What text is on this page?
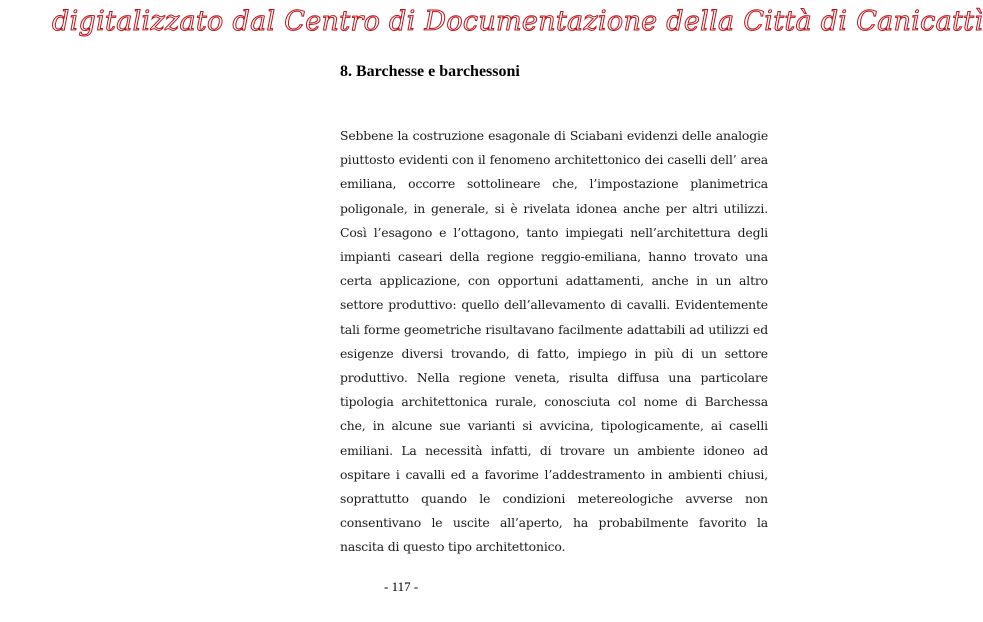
digitalizzato dal Centro di Documentazione della Città di Canicattì
8. Barchesse e barchessoni

Sebbene la costruzione esagonale di Sciabani evidenzi delle analogie piuttosto evidenti con il fenomeno architettonico dei caselli dell’ area emiliana, occorre sottolineare che, l’impostazione planimetrica poligonale, in generale, si è rivelata idonea anche per altri utilizzi. Così l’esagono e l’ottagono, tanto impiegati nell’architettura degli impianti caseari della regione reggio-emiliana, hanno trovato una certa applicazione, con opportuni adattamenti, anche in un altro settore produttivo: quello dell’allevamento di cavalli. Evidentemente tali forme geometriche risultavano facilmente adattabili ad utilizzi ed esigenze diversi trovando, di fatto, impiego in più di un settore produttivo. Nella regione veneta, risulta diffusa una particolare tipologia architettonica rurale, conosciuta col nome di Barchessa che, in alcune sue varianti si avvicina, tipologicamente, ai caselli emiliani. La necessità infatti, di trovare un ambiente idoneo ad ospitare i cavalli ed a favorime l’addestramento in ambienti chiusi, soprattutto quando le condizioni metereologiche avverse non consentivano le uscite all’aperto, ha probabilmente favorito la nascita di questo tipo architettonico.

- 117 -
